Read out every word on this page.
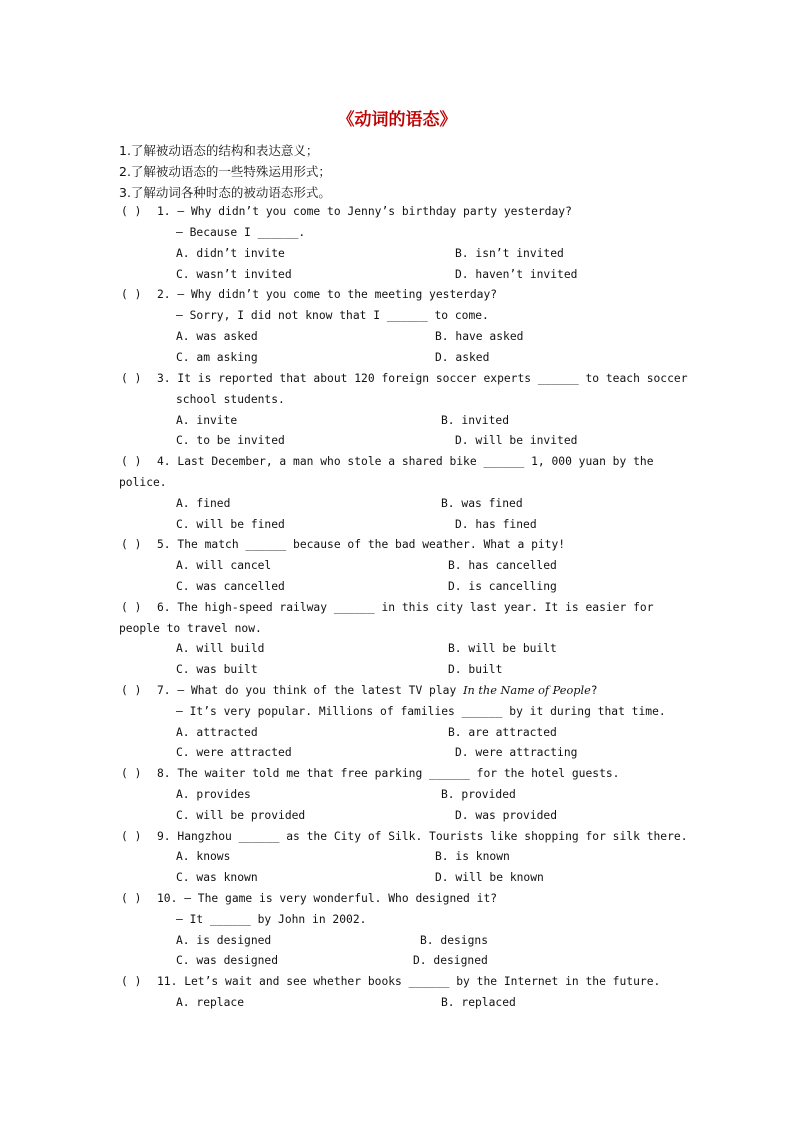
《动词的语态》
1.了解被动语态的结构和表达意义；
2.了解被动语态的一些特殊运用形式；
3.了解动词各种时态的被动语态形式。
( ) 1. — Why didn’t you come to Jenny’s birthday party yesterday?
— Because I ______.
A. didn’t invite	B. isn’t invited
C. wasn’t invited	D. haven’t invited
( ) 2. — Why didn’t you come to the meeting yesterday?
— Sorry, I did not know that I ______ to come.
A. was asked	B. have asked
C. am asking	D. asked
( ) 3. It is reported that about 120 foreign soccer experts ______ to teach soccer
school students.
A. invite	B. invited
C. to be invited	D. will be invited
( ) 4. Last December, a man who stole a shared bike ______ 1, 000 yuan by the
police.
A. fined	B. was fined
C. will be fined	D. has fined
( ) 5. The match ______ because of the bad weather. What a pity!
A. will cancel	B. has cancelled
C. was cancelled	D. is cancelling
( ) 6. The high-speed railway ______ in this city last year. It is easier for
people to travel now.
A. will build	B. will be built
C. was built	D. built
( ) 7. — What do you think of the latest TV play In the Name of People?
— It’s very popular. Millions of families ______ by it during that time.
A. attracted	B. are attracted
C. were attracted	D. were attracting
( ) 8. The waiter told me that free parking ______ for the hotel guests.
A. provides	B. provided
C. will be provided	D. was provided
( ) 9. Hangzhou ______ as the City of Silk. Tourists like shopping for silk there.
A. knows	B. is known
C. was known	D. will be known
( ) 10. — The game is very wonderful. Who designed it?
— It ______ by John in 2002.
A. is designed	B. designs
C. was designed	D. designed
( ) 11. Let’s wait and see whether books ______ by the Internet in the future.
A. replace	B. replaced
